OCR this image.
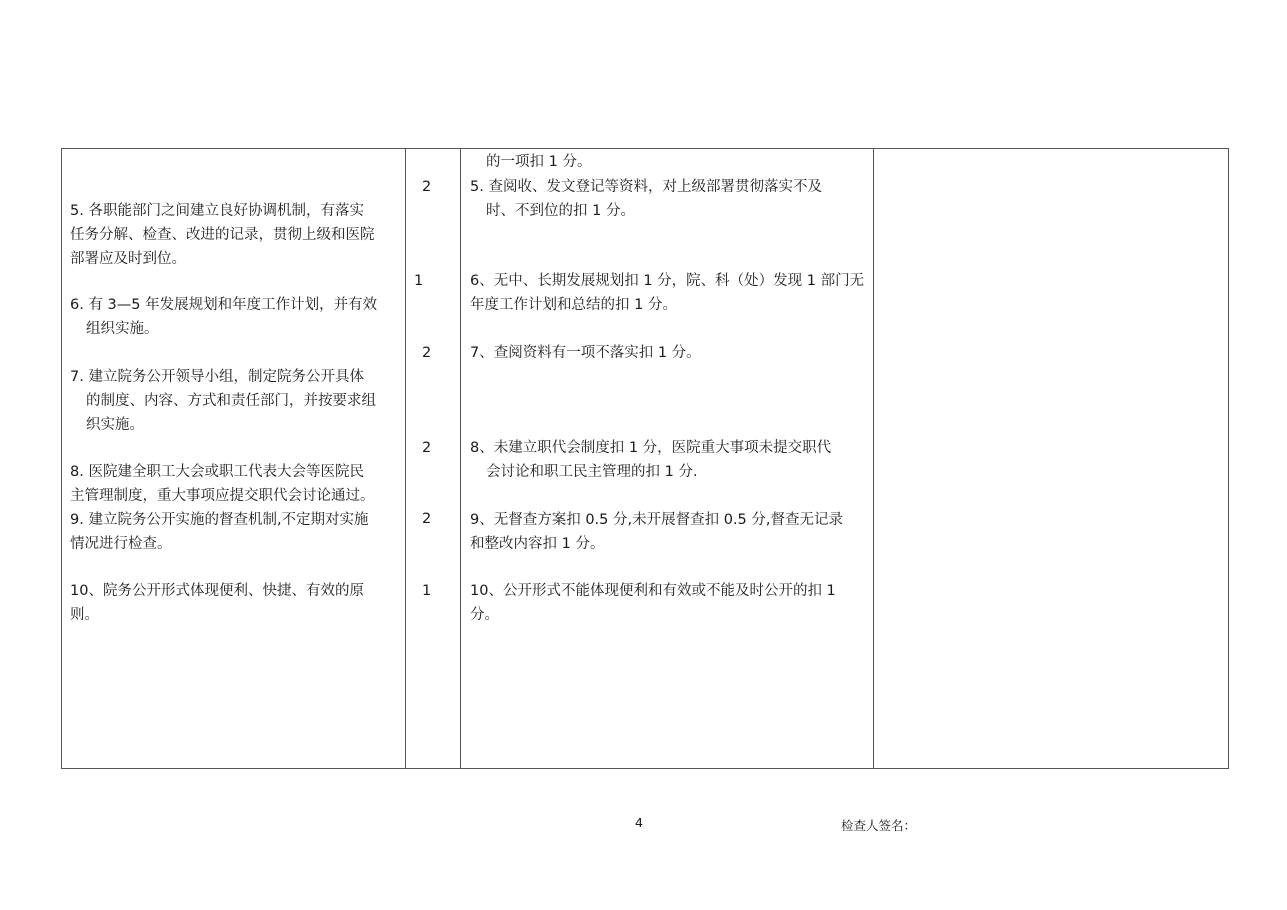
5. 各职能部门之间建立良好协调机制，有落实

任务分解、检查、改进的记录，贯彻上级和医院

部署应及时到位。

6. 有 3—5 年发展规划和年度工作计划，并有效

组织实施。

7. 建立院务公开领导小组，制定院务公开具体

的制度、内容、方式和责任部门，并按要求组

织实施。

8. 医院建全职工大会或职工代表大会等医院民

主管理制度，重大事项应提交职代会讨论通过。

9. 建立院务公开实施的督查机制,不定期对实施

情况进行检查。

10、院务公开形式体现便利、快捷、有效的原

则。

2

1

2

2

2

1

的一项扣 1 分。

5. 查阅收、发文登记等资料，对上级部署贯彻落实不及

时、不到位的扣 1 分。

6、无中、长期发展规划扣 1 分，院、科（处）发现 1 部门无

年度工作计划和总结的扣 1 分。

7、查阅资料有一项不落实扣 1 分。

8、未建立职代会制度扣 1 分，医院重大事项未提交职代

会讨论和职工民主管理的扣 1 分.

9、无督查方案扣 0.5 分,未开展督查扣 0.5 分,督查无记录

和整改内容扣 1 分。

10、公开形式不能体现便利和有效或不能及时公开的扣 1

分。

4	检查人签名：
